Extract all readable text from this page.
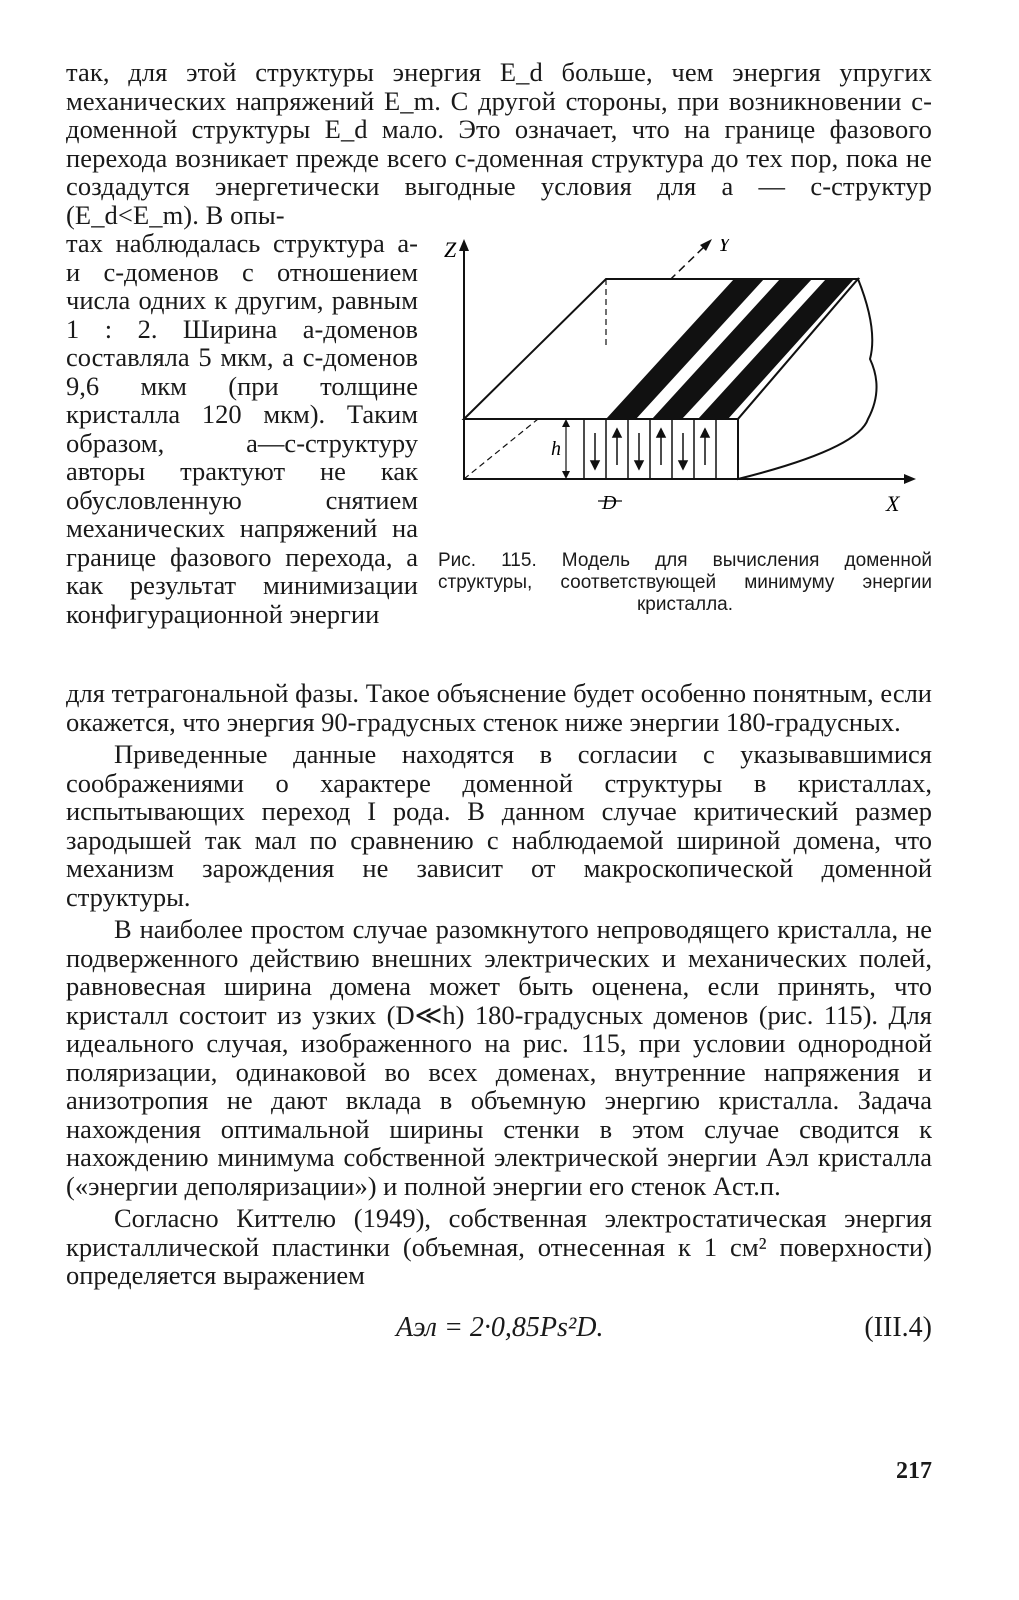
так, для этой структуры энергия E_d больше, чем энергия упругих механических напряжений E_m. С другой стороны, при возникновении c-доменной структуры E_d мало. Это означает, что на границе фазового перехода возникает прежде всего c-доменная структура до тех пор, пока не создадутся энергетически выгодные условия для a — c-структур (E_d<E_m). В опы-

тах наблюдалась структура a- и c-доменов с отношением числа одних к другим, равным 1 : 2. Ширина a-доменов составляла 5 мкм, а c-доменов 9,6 мкм (при толщине кристалла 120 мкм). Таким образом, a—c-структуру авторы трактуют не как обусловленную снятием механических напряжений на границе фазового перехода, а как результат минимизации конфигурационной энергии
Z	Y
X
h
D
Рис. 115. Модель для вычисления доменной структуры, соответствующей минимуму энергии кристалла.

для тетрагональной фазы. Такое объяснение будет особенно понятным, если окажется, что энергия 90-градусных стенок ниже энергии 180-градусных.

Приведенные данные находятся в согласии с указывавшимися соображениями о характере доменной структуры в кристаллах, испытывающих переход I рода. В данном случае критический размер зародышей так мал по сравнению с наблюдаемой шириной домена, что механизм зарождения не зависит от макроскопической доменной структуры.

В наиболее простом случае разомкнутого непроводящего кристалла, не подверженного действию внешних электрических и механических полей, равновесная ширина домена может быть оценена, если принять, что кристалл состоит из узких (D≪h) 180-градусных доменов (рис. 115). Для идеального случая, изображенного на рис. 115, при условии однородной поляризации, одинаковой во всех доменах, внутренние напряжения и анизотропия не дают вклада в объемную энергию кристалла. Задача нахождения оптимальной ширины стенки в этом случае сводится к нахождению минимума собственной электрической энергии Aэл кристалла («энергии деполяризации») и полной энергии его стенок Aст.п.

Согласно Киттелю (1949), собственная электростатическая энергия кристаллической пластинки (объемная, отнесенная к 1 см² поверхности) определяется выражением

Aэл = 2·0,85Ps²D.	(III.4)
217
